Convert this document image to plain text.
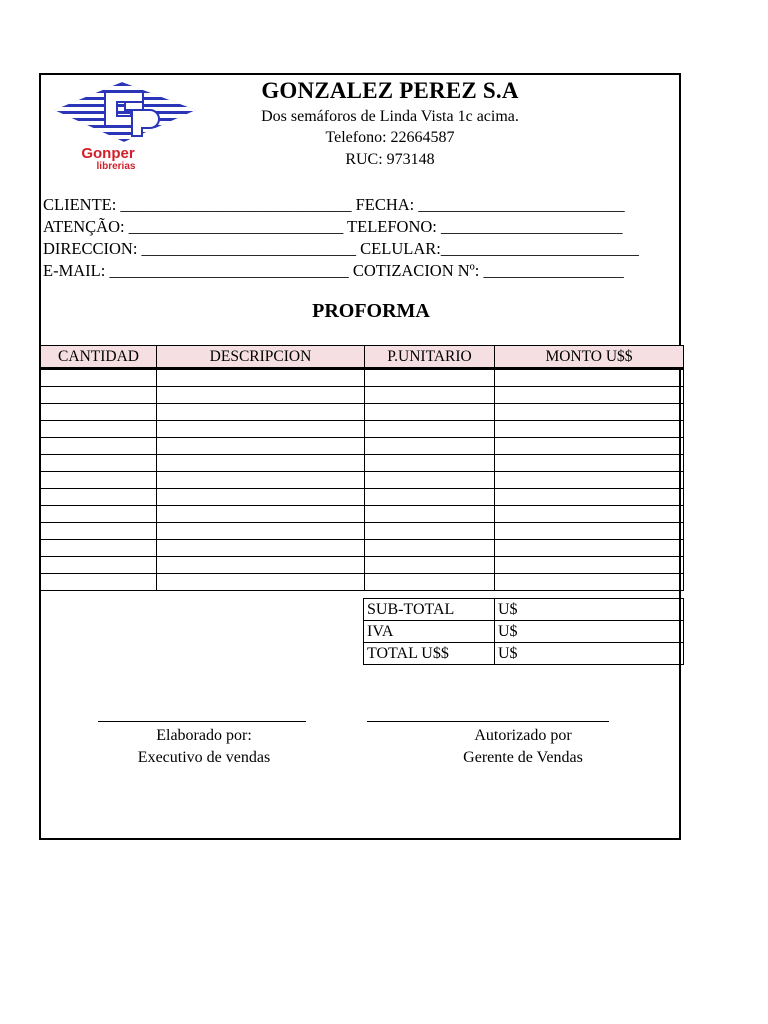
Gonper
librerias
GONZALEZ PEREZ S.A
Dos semáforos de Linda Vista 1c acima.
Telefono: 22664587
RUC: 973148
CLIENTE: ____________________________ FECHA: _________________________
ATENÇÃO: __________________________ TELEFONO: ______________________
DIRECCION: __________________________ CELULAR:________________________
E-MAIL: _____________________________ COTIZACION Nº: _________________
PROFORMA
CANTIDAD	DESCRIPCION	P.UNITARIO	MONTO U$$

SUB-TOTAL	U$
IVA	U$
TOTAL U$$	U$
Elaborado por:
Executivo de vendas
Autorizado por
Gerente de Vendas
